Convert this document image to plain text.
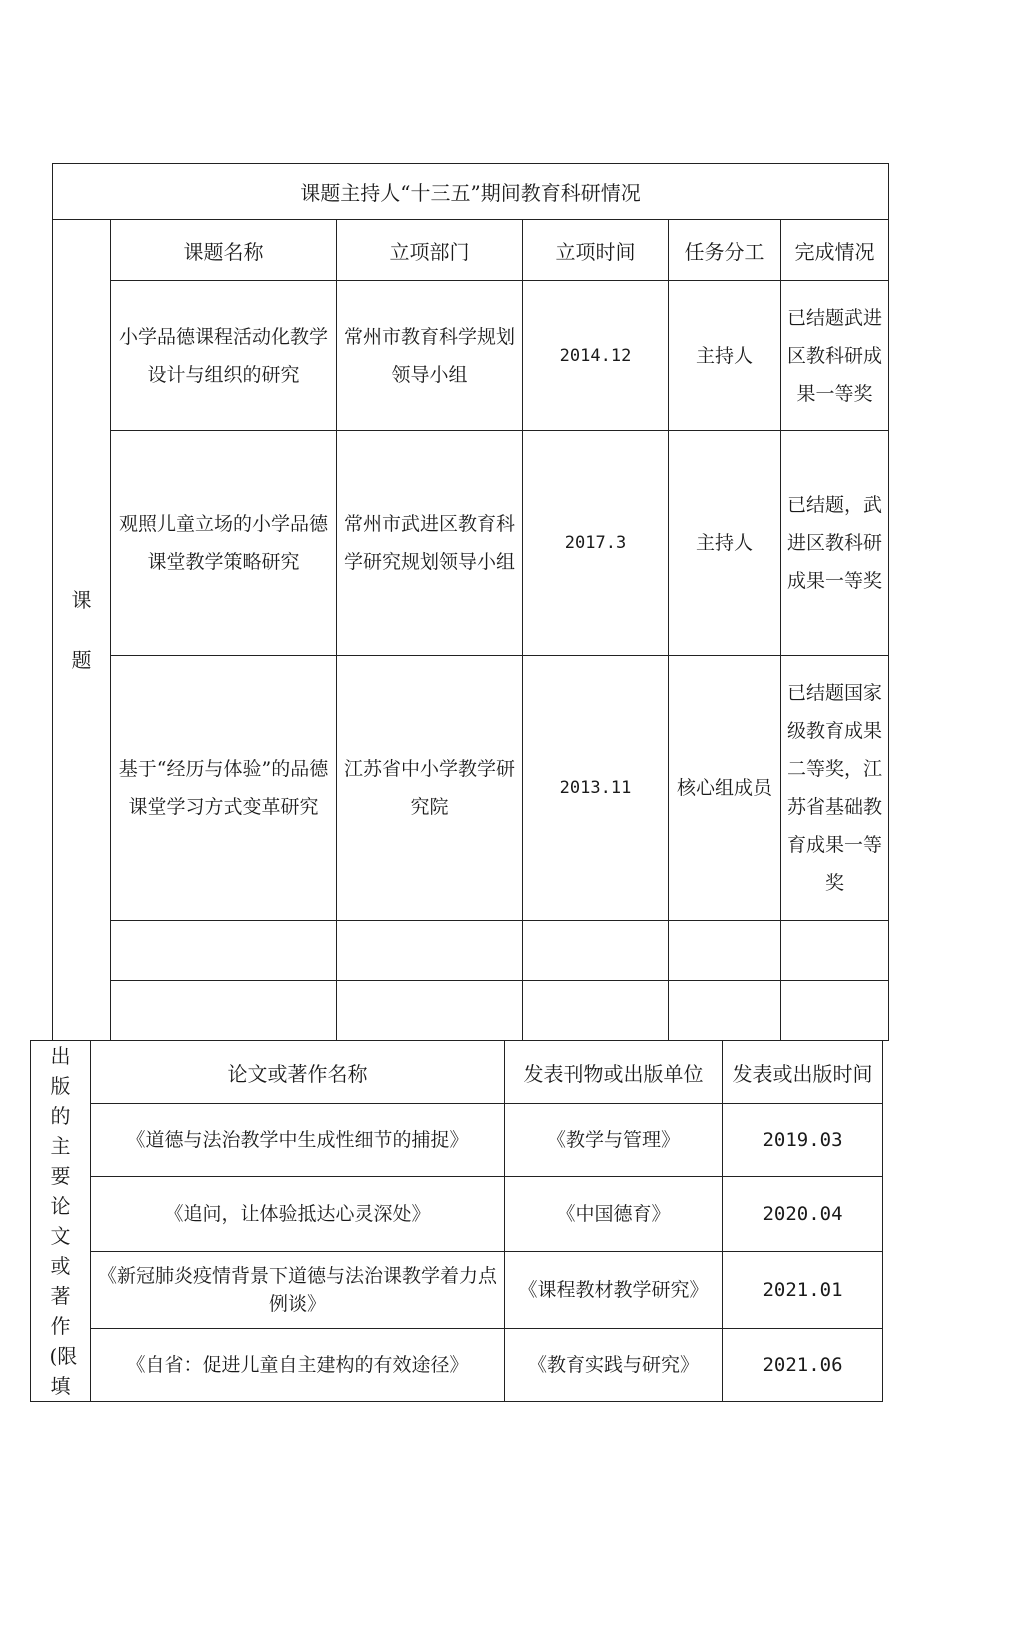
课题主持人“十三五”期间教育科研情况					
课题	课题名称	立项部门	立项时间	任务分工	完成情况
	小学品德课程活动化教学设计与组织的研究	常州市教育科学规划领导小组	2014.12	主持人	已结题武进区教科研成果一等奖
	观照儿童立场的小学品德课堂教学策略研究	常州市武进区教育科学研究规划领导小组	2017.3	主持人	已结题，武进区教科研成果一等奖
	基于“经历与体验”的品德课堂学习方式变革研究	江苏省中小学教学研究院	2013.11	核心组成员	已结题国家级教育成果二等奖，江苏省基础教育成果一等奖

出版的主要论文或著作(限填	论文或著作名称	发表刊物或出版单位	发表或出版时间
	《道德与法治教学中生成性细节的捕捉》	《教学与管理》	2019.03
	《追问，让体验抵达心灵深处》	《中国德育》	2020.04
	《新冠肺炎疫情背景下道德与法治课教学着力点例谈》	《课程教材教学研究》	2021.01
	《自省：促进儿童自主建构的有效途径》	《教育实践与研究》	2021.06
